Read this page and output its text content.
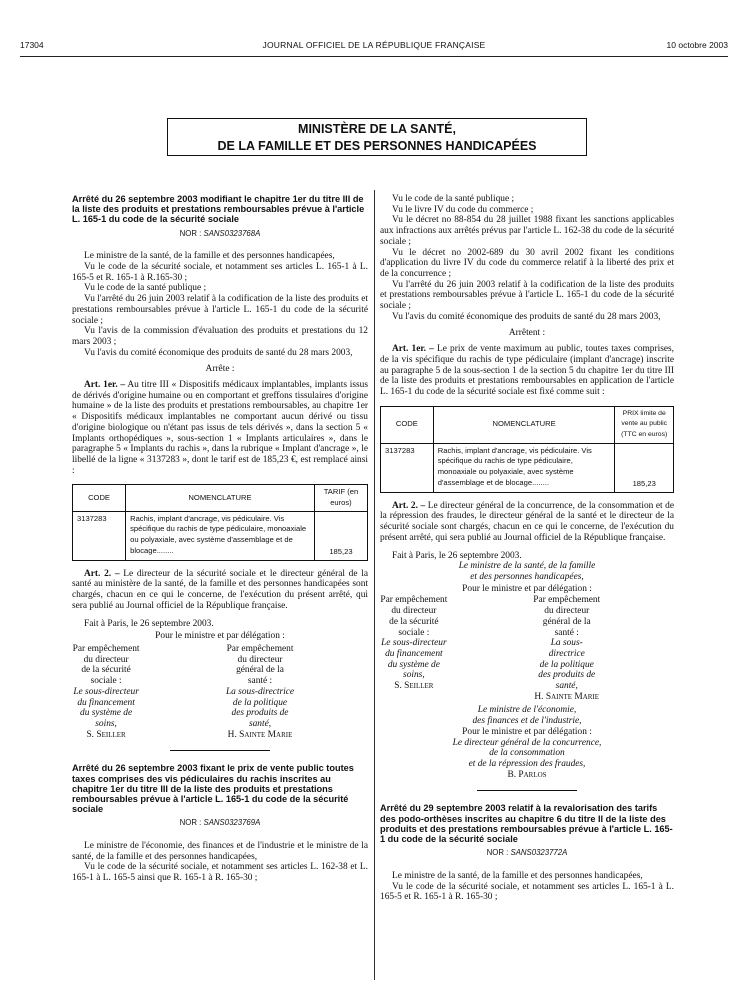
17304	JOURNAL OFFICIEL DE LA RÉPUBLIQUE FRANÇAISE	10 octobre 2003
MINISTÈRE DE LA SANTÉ,
DE LA FAMILLE ET DES PERSONNES HANDICAPÉES
Arrêté du 26 septembre 2003 modifiant le chapitre 1er du titre III de la liste des produits et prestations remboursables prévue à l'article L. 165-1 du code de la sécurité sociale
NOR : SANS0323768A

Le ministre de la santé, de la famille et des personnes handicapées,

Vu le code de la sécurité sociale, et notamment ses articles L. 165-1 à L. 165-5 et R. 165-1 à R.165-30 ;

Vu le code de la santé publique ;

Vu l'arrêté du 26 juin 2003 relatif à la codification de la liste des produits et prestations remboursables prévue à l'article L. 165-1 du code de la sécurité sociale ;

Vu l'avis de la commission d'évaluation des produits et prestations du 12 mars 2003 ;

Vu l'avis du comité économique des produits de santé du 28 mars 2003,

Arrête :

Art. 1er. – Au titre III « Dispositifs médicaux implantables, implants issus de dérivés d'origine humaine ou en comportant et greffons tissulaires d'origine humaine » de la liste des produits et prestations remboursables, au chapitre 1er « Dispositifs médicaux implantables ne comportant aucun dérivé ou tissu d'origine biologique ou n'étant pas issus de tels dérivés », dans la section 5 « Implants orthopédiques », sous-section 1 « Implants articulaires », dans le paragraphe 5 « Implants du rachis », dans la rubrique « Implant d'ancrage », le libellé de la ligne « 3137283 », dont le tarif est de 185,23 €, est remplacé ainsi :

CODE	NOMENCLATURE	TARIF (en euros)
3137283	Rachis, implant d'ancrage, vis pédiculaire. Vis spécifique du rachis de type pédiculaire, monoaxiale ou polyaxiale, avec système d'assemblage et de blocage........	185,23

Art. 2. – Le directeur de la sécurité sociale et le directeur général de la santé au ministère de la santé, de la famille et des personnes handicapées sont chargés, chacun en ce qui le concerne, de l'exécution du présent arrêté, qui sera publié au Journal officiel de la République française.

Fait à Paris, le 26 septembre 2003.

Pour le ministre et par délégation :

Par empêchement du directeur
de la sécurité sociale :
Le sous-directeur
du financement
du système de soins,
S. Seiller
Par empêchement
du directeur général de la santé :
La sous-directrice
de la politique
des produits de santé,
H. Sainte Marie
Arrêté du 26 septembre 2003 fixant le prix de vente public toutes taxes comprises des vis pédiculaires du rachis inscrites au chapitre 1er du titre III de la liste des produits et prestations remboursables prévue à l'article L. 165-1 du code de la sécurité sociale
NOR : SANS0323769A

Le ministre de l'économie, des finances et de l'industrie et le ministre de la santé, de la famille et des personnes handicapées,

Vu le code de la sécurité sociale, et notamment ses articles L. 162-38 et L. 165-1 à L. 165-5 ainsi que R. 165-1 à R. 165-30 ;

Vu le code de la santé publique ;

Vu le livre IV du code du commerce ;

Vu le décret no 88-854 du 28 juillet 1988 fixant les sanctions applicables aux infractions aux arrêtés prévus par l'article L. 162-38 du code de la sécurité sociale ;

Vu le décret no 2002-689 du 30 avril 2002 fixant les conditions d'application du livre IV du code du commerce relatif à la liberté des prix et de la concurrence ;

Vu l'arrêté du 26 juin 2003 relatif à la codification de la liste des produits et prestations remboursables prévue à l'article L. 165-1 du code de la sécurité sociale ;

Vu l'avis du comité économique des produits de santé du 28 mars 2003,

Arrêtent :

Art. 1er. – Le prix de vente maximum au public, toutes taxes comprises, de la vis spécifique du rachis de type pédiculaire (implant d'ancrage) inscrite au paragraphe 5 de la sous-section 1 de la section 5 du chapitre 1er du titre III de la liste des produits et prestations remboursables en application de l'article L. 165-1 du code de la sécurité sociale est fixé comme suit :

CODE	NOMENCLATURE	PRIX limite de vente au public (TTC en euros)
3137283	Rachis, implant d'ancrage, vis pédiculaire. Vis spécifique du rachis de type pédiculaire, monoaxiale ou polyaxiale, avec système d'assemblage et de blocage........	185,23

Art. 2. – Le directeur général de la concurrence, de la consommation et de la répression des fraudes, le directeur général de la santé et le directeur de la sécurité sociale sont chargés, chacun en ce qui le concerne, de l'exécution du présent arrêté, qui sera publié au Journal officiel de la République française.

Fait à Paris, le 26 septembre 2003.

Le ministre de la santé, de la famille
et des personnes handicapées,

Pour le ministre et par délégation :

Par empêchement du directeur
de la sécurité sociale :
Le sous-directeur
du financement
du système de soins,
S. Seiller
Par empêchement
du directeur général de la santé :
La sous-directrice
de la politique
des produits de santé,
H. Sainte Marie
Le ministre de l'économie,
des finances et de l'industrie,
Pour le ministre et par délégation :
Le directeur général de la concurrence,
de la consommation
et de la répression des fraudes,
B. Parlos
Arrêté du 29 septembre 2003 relatif à la revalorisation des tarifs des podo-orthèses inscrites au chapitre 6 du titre II de la liste des produits et des prestations remboursables prévue à l'article L. 165-1 du code de la sécurité sociale
NOR : SANS0323772A

Le ministre de la santé, de la famille et des personnes handicapées,

Vu le code de la sécurité sociale, et notamment ses articles L. 165-1 à L. 165-5 et R. 165-1 à R. 165-30 ;
